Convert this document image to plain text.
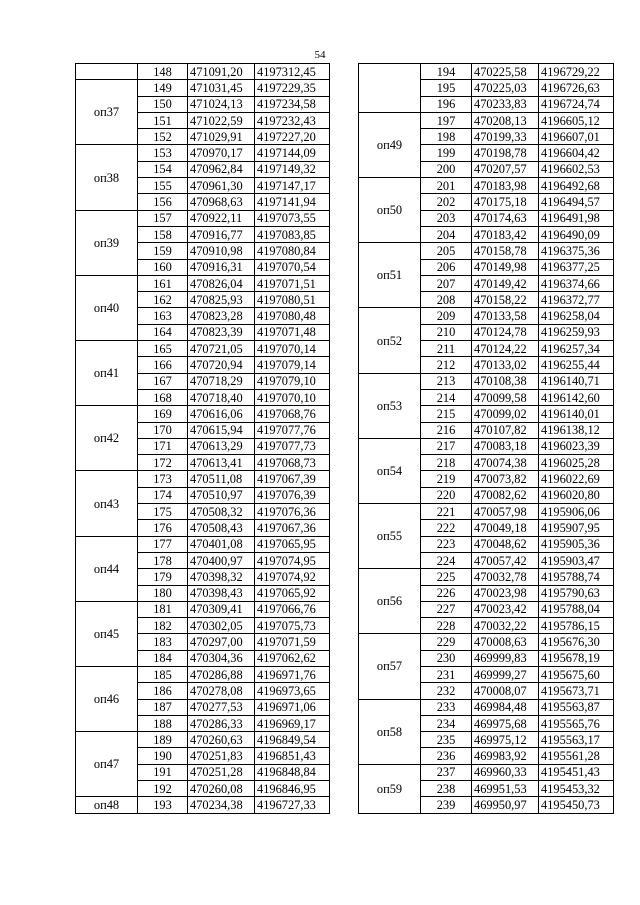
54
	148	471091,20	4197312,45
оп37	149	471031,45	4197229,35
	150	471024,13	4197234,58
	151	471022,59	4197232,43
	152	471029,91	4197227,20
оп38	153	470970,17	4197144,09
	154	470962,84	4197149,32
	155	470961,30	4197147,17
	156	470968,63	4197141,94
оп39	157	470922,11	4197073,55
	158	470916,77	4197083,85
	159	470910,98	4197080,84
	160	470916,31	4197070,54
оп40	161	470826,04	4197071,51
	162	470825,93	4197080,51
	163	470823,28	4197080,48
	164	470823,39	4197071,48
оп41	165	470721,05	4197070,14
	166	470720,94	4197079,14
	167	470718,29	4197079,10
	168	470718,40	4197070,10
оп42	169	470616,06	4197068,76
	170	470615,94	4197077,76
	171	470613,29	4197077,73
	172	470613,41	4197068,73
оп43	173	470511,08	4197067,39
	174	470510,97	4197076,39
	175	470508,32	4197076,36
	176	470508,43	4197067,36
оп44	177	470401,08	4197065,95
	178	470400,97	4197074,95
	179	470398,32	4197074,92
	180	470398,43	4197065,92
оп45	181	470309,41	4197066,76
	182	470302,05	4197075,73
	183	470297,00	4197071,59
	184	470304,36	4197062,62
оп46	185	470286,88	4196971,76
	186	470278,08	4196973,65
	187	470277,53	4196971,06
	188	470286,33	4196969,17
оп47	189	470260,63	4196849,54
	190	470251,83	4196851,43
	191	470251,28	4196848,84
	192	470260,08	4196846,95
оп48	193	470234,38	4196727,33
	194	470225,58	4196729,22
	195	470225,03	4196726,63
	196	470233,83	4196724,74
оп49	197	470208,13	4196605,12
	198	470199,33	4196607,01
	199	470198,78	4196604,42
	200	470207,57	4196602,53
оп50	201	470183,98	4196492,68
	202	470175,18	4196494,57
	203	470174,63	4196491,98
	204	470183,42	4196490,09
оп51	205	470158,78	4196375,36
	206	470149,98	4196377,25
	207	470149,42	4196374,66
	208	470158,22	4196372,77
оп52	209	470133,58	4196258,04
	210	470124,78	4196259,93
	211	470124,22	4196257,34
	212	470133,02	4196255,44
оп53	213	470108,38	4196140,71
	214	470099,58	4196142,60
	215	470099,02	4196140,01
	216	470107,82	4196138,12
оп54	217	470083,18	4196023,39
	218	470074,38	4196025,28
	219	470073,82	4196022,69
	220	470082,62	4196020,80
оп55	221	470057,98	4195906,06
	222	470049,18	4195907,95
	223	470048,62	4195905,36
	224	470057,42	4195903,47
оп56	225	470032,78	4195788,74
	226	470023,98	4195790,63
	227	470023,42	4195788,04
	228	470032,22	4195786,15
оп57	229	470008,63	4195676,30
	230	469999,83	4195678,19
	231	469999,27	4195675,60
	232	470008,07	4195673,71
оп58	233	469984,48	4195563,87
	234	469975,68	4195565,76
	235	469975,12	4195563,17
	236	469983,92	4195561,28
оп59	237	469960,33	4195451,43
	238	469951,53	4195453,32
	239	469950,97	4195450,73
